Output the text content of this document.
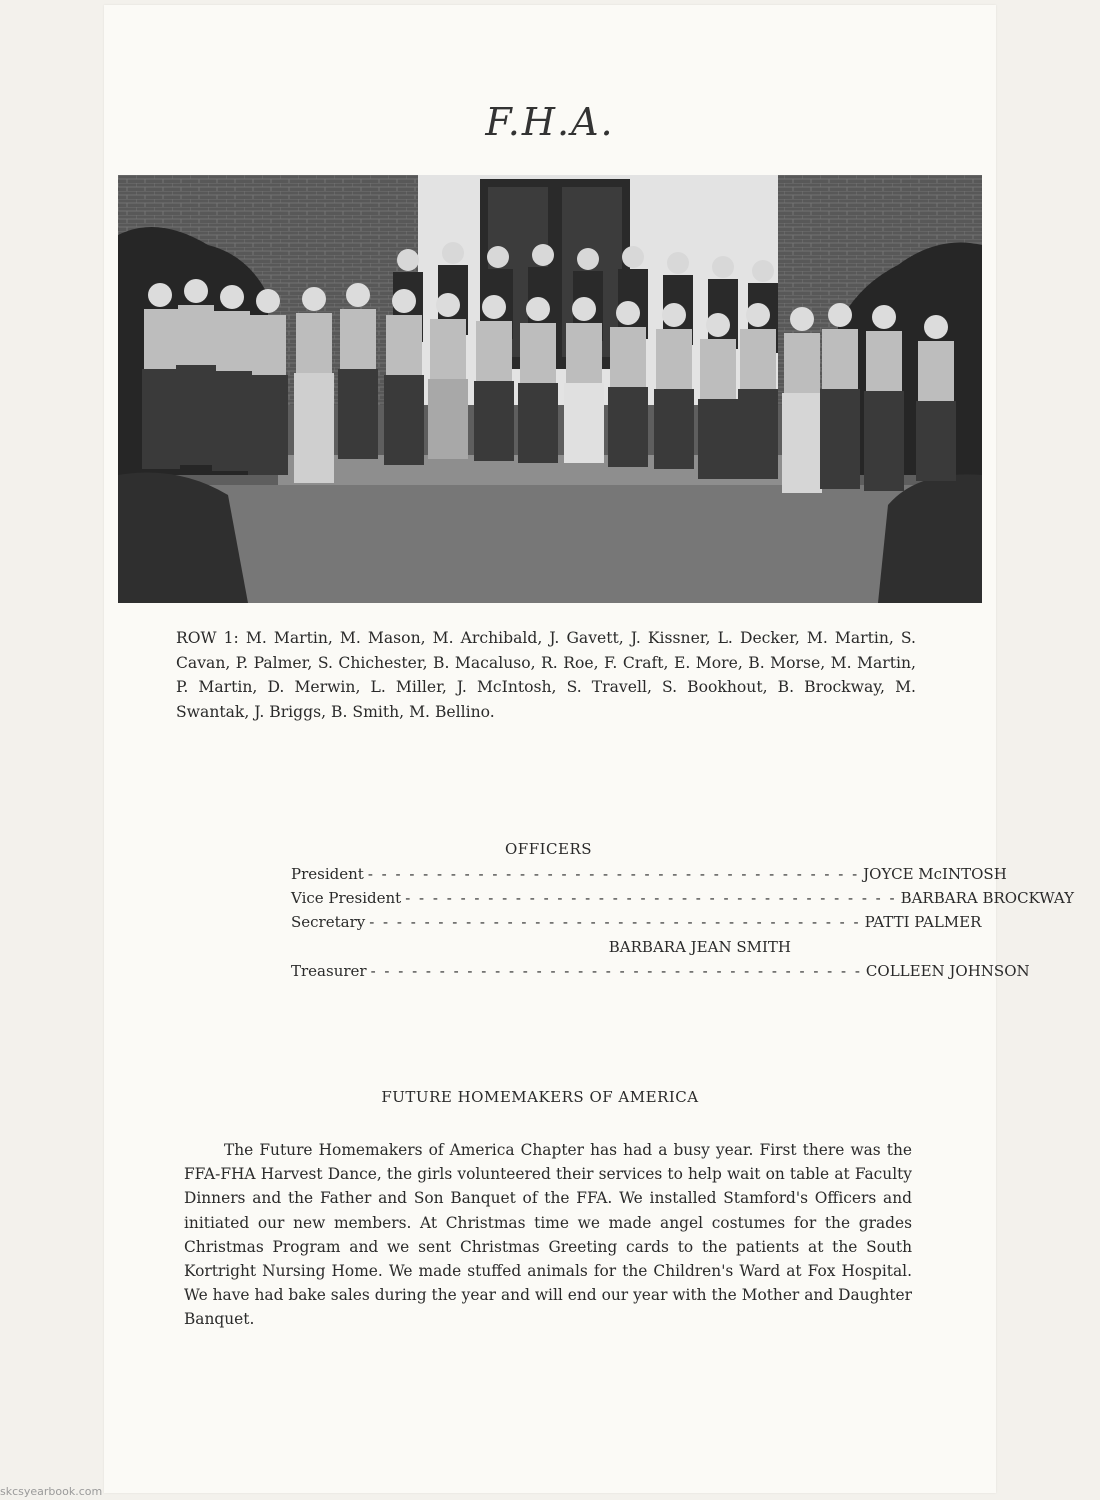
F.H.A.
ROW 1: M. Martin, M. Mason, M. Archibald, J. Gavett, J. Kissner, L. Decker, M. Martin, S. Cavan, P. Palmer, S. Chichester, B. Macaluso, R. Roe, F. Craft, E. More, B. Morse, M. Martin, P. Martin, D. Merwin, L. Miller, J. McIntosh, S. Travell, S. Bookhout, B. Brockway, M. Swantak, J. Briggs, B. Smith, M. Bellino.
OFFICERS
President - - - - - - - - - - - - - - - - - - - - - - - - - - - - - - - - - - - - JOYCE McINTOSH
Vice President - - - - - - - - - - - - - - - - - - - - - - - - - - - - - - - - - - - - BARBARA BROCKWAY
Secretary - - - - - - - - - - - - - - - - - - - - - - - - - - - - - - - - - - - - PATTI PALMER
BARBARA JEAN SMITH
Treasurer - - - - - - - - - - - - - - - - - - - - - - - - - - - - - - - - - - - - COLLEEN JOHNSON
FUTURE HOMEMAKERS OF AMERICA

The Future Homemakers of America Chapter has had a busy year. First there was the FFA-FHA Harvest Dance, the girls volunteered their services to help wait on table at Faculty Dinners and the Father and Son Banquet of the FFA. We installed Stamford's Officers and initiated our new members. At Christmas time we made angel costumes for the grades Christmas Program and we sent Christmas Greeting cards to the patients at the South Kortright Nursing Home. We made stuffed animals for the Children's Ward at Fox Hospital. We have had bake sales during the year and will end our year with the Mother and Daughter Banquet.

skcsyearbook.com
